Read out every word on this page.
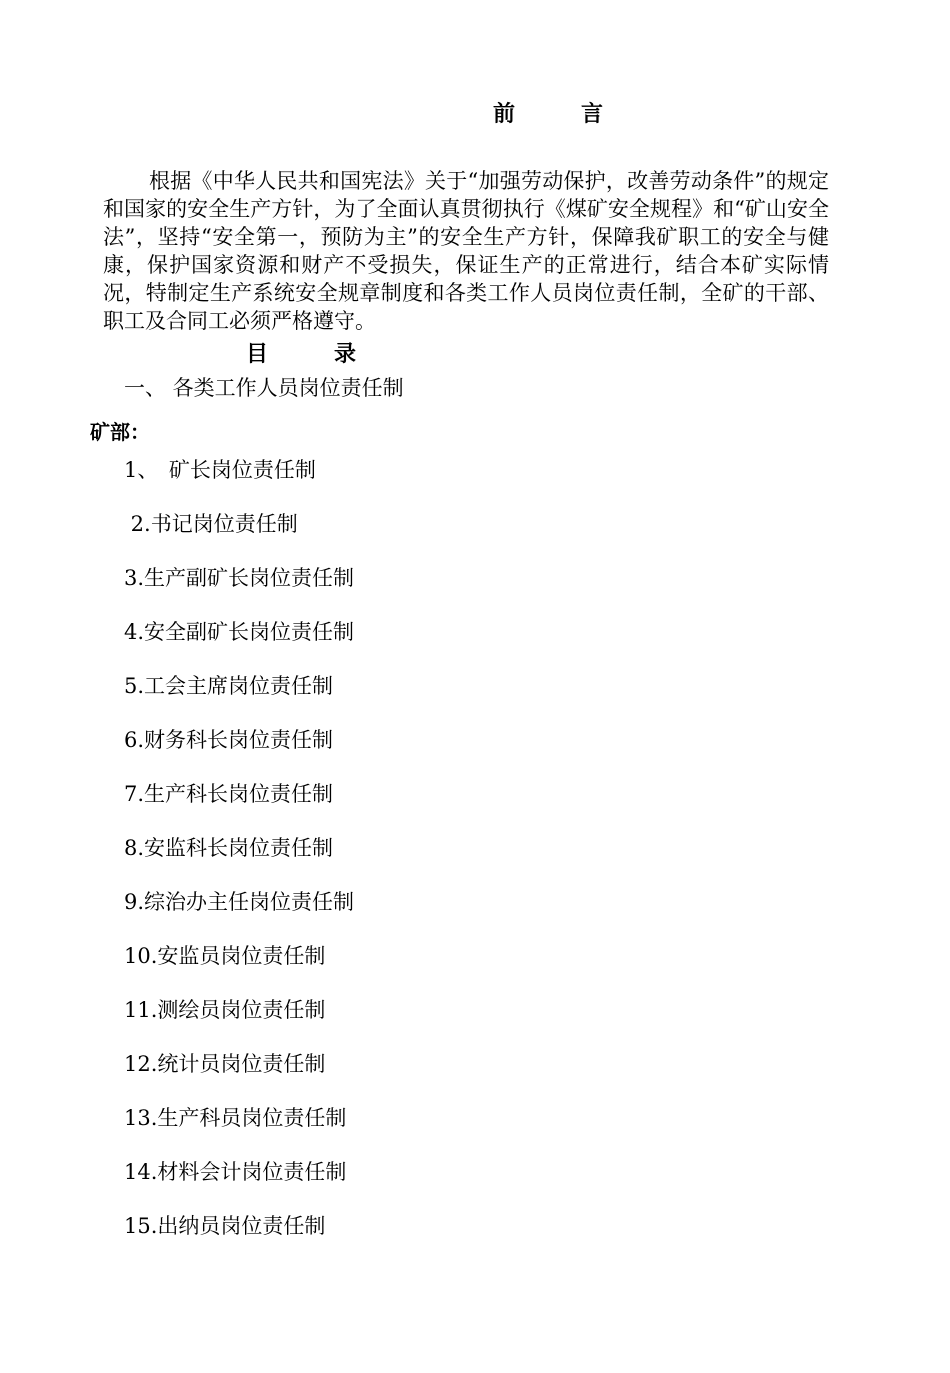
前　　　言

根据《中华人民共和国宪法》关于“加强劳动保护，改善劳动条件”的规定和国家的安全生产方针，为了全面认真贯彻执行《煤矿安全规程》和“矿山安全法”，坚持“安全第一，预防为主”的安全生产方针，保障我矿职工的安全与健康，保护国家资源和财产不受损失，保证生产的正常进行，结合本矿实际情况，特制定生产系统安全规章制度和各类工作人员岗位责任制，全矿的干部、职工及合同工必须严格遵守。

目　　　录
一、 各类工作人员岗位责任制
矿部：
1、　矿长岗位责任制
2.书记岗位责任制
3.生产副矿长岗位责任制
4.安全副矿长岗位责任制
5.工会主席岗位责任制
6.财务科长岗位责任制
7.生产科长岗位责任制
8.安监科长岗位责任制
9.综治办主任岗位责任制
10.安监员岗位责任制
11.测绘员岗位责任制
12.统计员岗位责任制
13.生产科员岗位责任制
14.材料会计岗位责任制
15.出纳员岗位责任制
